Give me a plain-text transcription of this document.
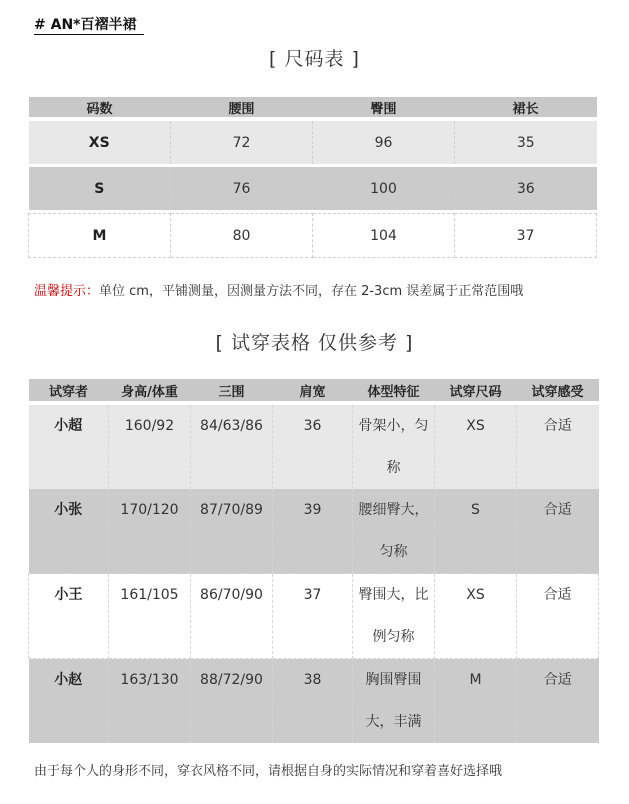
# AN*百褶半裙
[ 尺码表 ]
码数	腰围	臀围	裙长
XS	72	96	35

S	76	100	36

M	80	104	37
温馨提示：单位 cm，平铺测量，因测量方法不同，存在 2-3cm 误差属于正常范围哦
[ 试穿表格 仅供参考 ]
试穿者	身高/体重	三围	肩宽	体型特征	试穿尺码	试穿感受

小超	160/92	84/63/86	36	骨架小，匀称	XS	合适

小张	170/120	87/70/89	39	腰细臀大，匀称	S	合适

小王	161/105	86/70/90	37	臀围大，比例匀称	XS	合适

小赵	163/130	88/72/90	38	胸围臀围大，丰满	M	合适
由于每个人的身形不同，穿衣风格不同，请根据自身的实际情况和穿着喜好选择哦
